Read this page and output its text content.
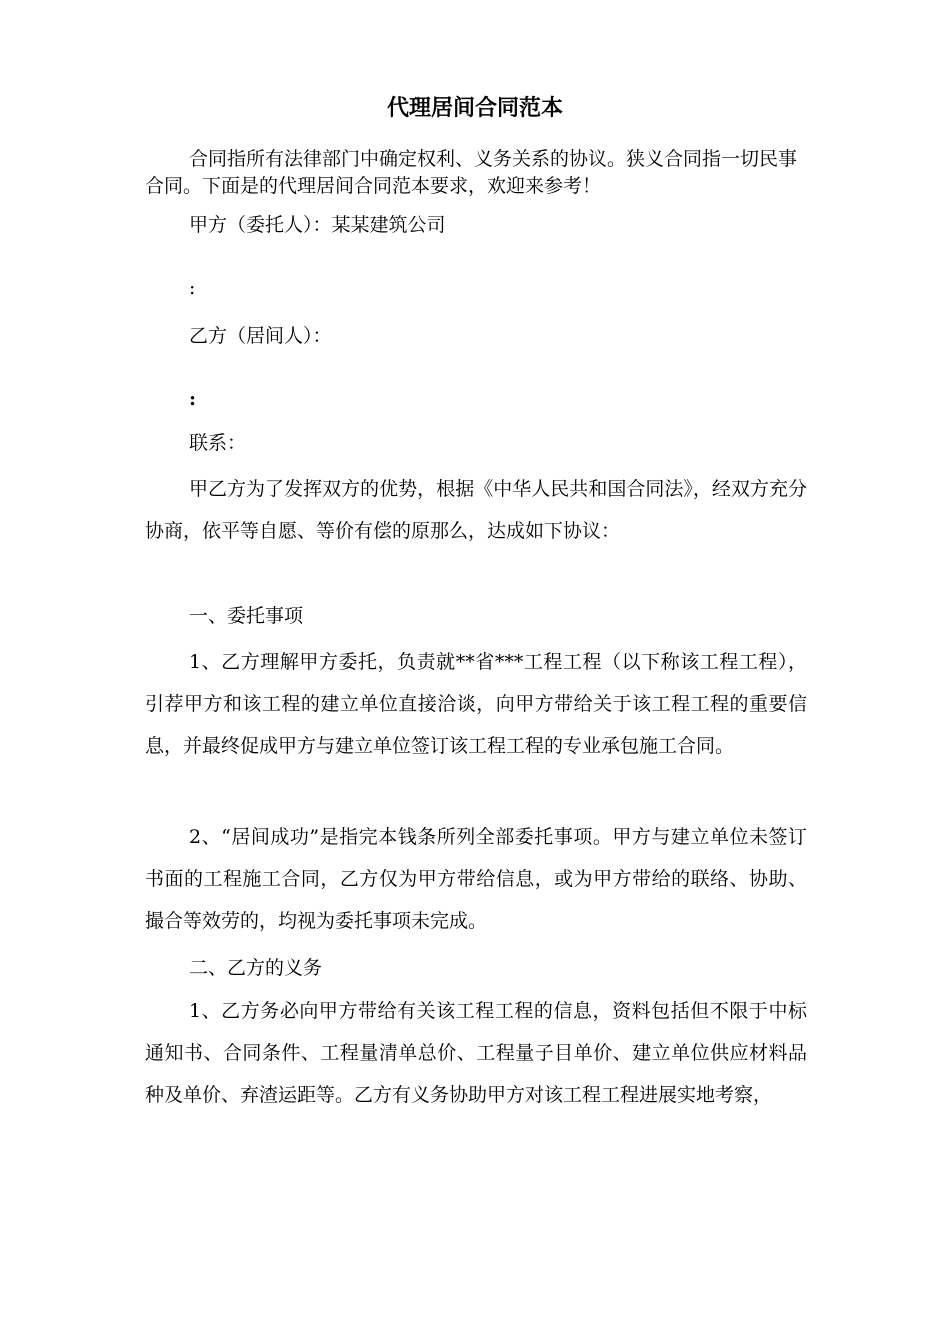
代理居间合同范本

合同指所有法律部门中确定权利、义务关系的协议。狭义合同指一切民事合同。下面是的代理居间合同范本要求，欢迎来参考！

甲方（委托人）：某某建筑公司
:
乙方（居间人）：
:
联系：

甲乙方为了发挥双方的优势，根据《中华人民共和国合同法》，经双方充分协商，依平等自愿、等价有偿的原那么，达成如下协议：

一、委托事项

1、乙方理解甲方委托，负责就**省***工程工程（以下称该工程工程），引荐甲方和该工程的建立单位直接洽谈，向甲方带给关于该工程工程的重要信息，并最终促成甲方与建立单位签订该工程工程的专业承包施工合同。

2、“居间成功”是指完本钱条所列全部委托事项。甲方与建立单位未签订书面的工程施工合同，乙方仅为甲方带给信息，或为甲方带给的联络、协助、撮合等效劳的，均视为委托事项未完成。

二、乙方的义务

1、乙方务必向甲方带给有关该工程工程的信息，资料包括但不限于中标通知书、合同条件、工程量清单总价、工程量子目单价、建立单位供应材料品种及单价、弃渣运距等。乙方有义务协助甲方对该工程工程进展实地考察，
